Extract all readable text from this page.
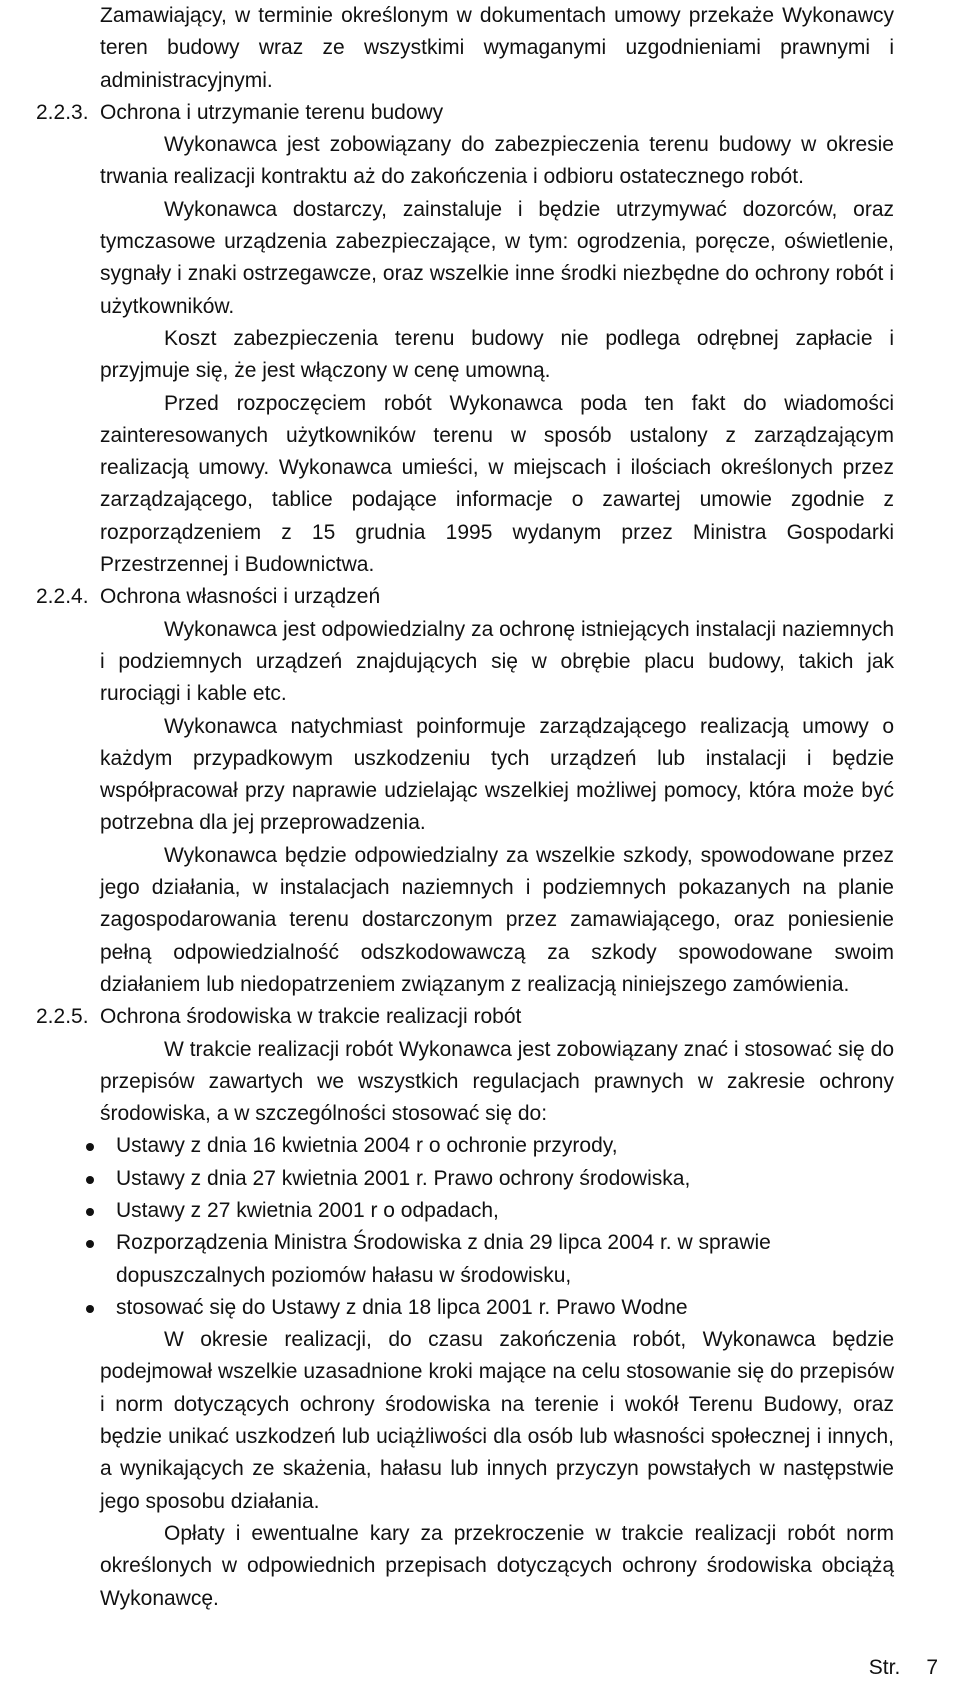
Zamawiający, w terminie określonym w dokumentach umowy przekaże Wykonawcy teren budowy wraz ze wszystkimi wymaganymi uzgodnieniami prawnymi i administracyjnymi.

2.2.3. Ochrona i utrzymanie terenu budowy

Wykonawca jest zobowiązany do zabezpieczenia terenu budowy w okresie trwania realizacji kontraktu aż do zakończenia i odbioru ostatecznego robót.

Wykonawca dostarczy, zainstaluje i będzie utrzymywać dozorców, oraz tymczasowe urządzenia zabezpieczające, w tym: ogrodzenia, poręcze, oświetlenie, sygnały i znaki ostrzegawcze, oraz wszelkie inne środki niezbędne do ochrony robót i użytkowników.

Koszt zabezpieczenia terenu budowy nie podlega odrębnej zapłacie i przyjmuje się, że jest włączony w cenę umowną.

Przed rozpoczęciem robót Wykonawca poda ten fakt do wiadomości zainteresowanych użytkowników terenu w sposób ustalony z zarządzającym realizacją umowy. Wykonawca umieści, w miejscach i ilościach określonych przez zarządzającego, tablice podające informacje o zawartej umowie zgodnie z rozporządzeniem z 15 grudnia 1995 wydanym przez Ministra Gospodarki Przestrzennej i Budownictwa.

2.2.4. Ochrona własności i urządzeń

Wykonawca jest odpowiedzialny za ochronę istniejących instalacji naziemnych i podziemnych urządzeń znajdujących się w obrębie placu budowy, takich jak rurociągi i kable etc.

Wykonawca natychmiast poinformuje zarządzającego realizacją umowy o każdym przypadkowym uszkodzeniu tych urządzeń lub instalacji i będzie współpracował przy naprawie udzielając wszelkiej możliwej pomocy, która może być potrzebna dla jej przeprowadzenia.

Wykonawca będzie odpowiedzialny za wszelkie szkody, spowodowane przez jego działania, w instalacjach naziemnych i podziemnych pokazanych na planie zagospodarowania terenu dostarczonym przez zamawiającego, oraz poniesienie pełną odpowiedzialność odszkodowawczą za szkody spowodowane swoim działaniem lub niedopatrzeniem związanym z realizacją niniejszego zamówienia.

2.2.5. Ochrona środowiska w trakcie realizacji robót

W trakcie realizacji robót Wykonawca jest zobowiązany znać i stosować się do przepisów zawartych we wszystkich regulacjach prawnych w zakresie ochrony środowiska, a w szczególności stosować się do:

Ustawy z dnia 16 kwietnia 2004 r o ochronie przyrody,
Ustawy z dnia 27 kwietnia 2001 r. Prawo ochrony środowiska,
Ustawy z 27 kwietnia 2001 r o odpadach,
Rozporządzenia Ministra Środowiska z dnia 29 lipca 2004 r. w sprawie dopuszczalnych poziomów hałasu w środowisku,
stosować się do Ustawy z dnia 18 lipca 2001 r. Prawo Wodne

W okresie realizacji, do czasu zakończenia robót, Wykonawca będzie podejmował wszelkie uzasadnione kroki mające na celu stosowanie się do przepisów i norm dotyczących ochrony środowiska na terenie i wokół Terenu Budowy, oraz będzie unikać uszkodzeń lub uciążliwości dla osób lub własności społecznej i innych, a wynikających ze skażenia, hałasu lub innych przyczyn powstałych w następstwie jego sposobu działania.

Opłaty i ewentualne kary za przekroczenie w trakcie realizacji robót norm określonych w odpowiednich przepisach dotyczących ochrony środowiska obciążą Wykonawcę.

Str. 7
